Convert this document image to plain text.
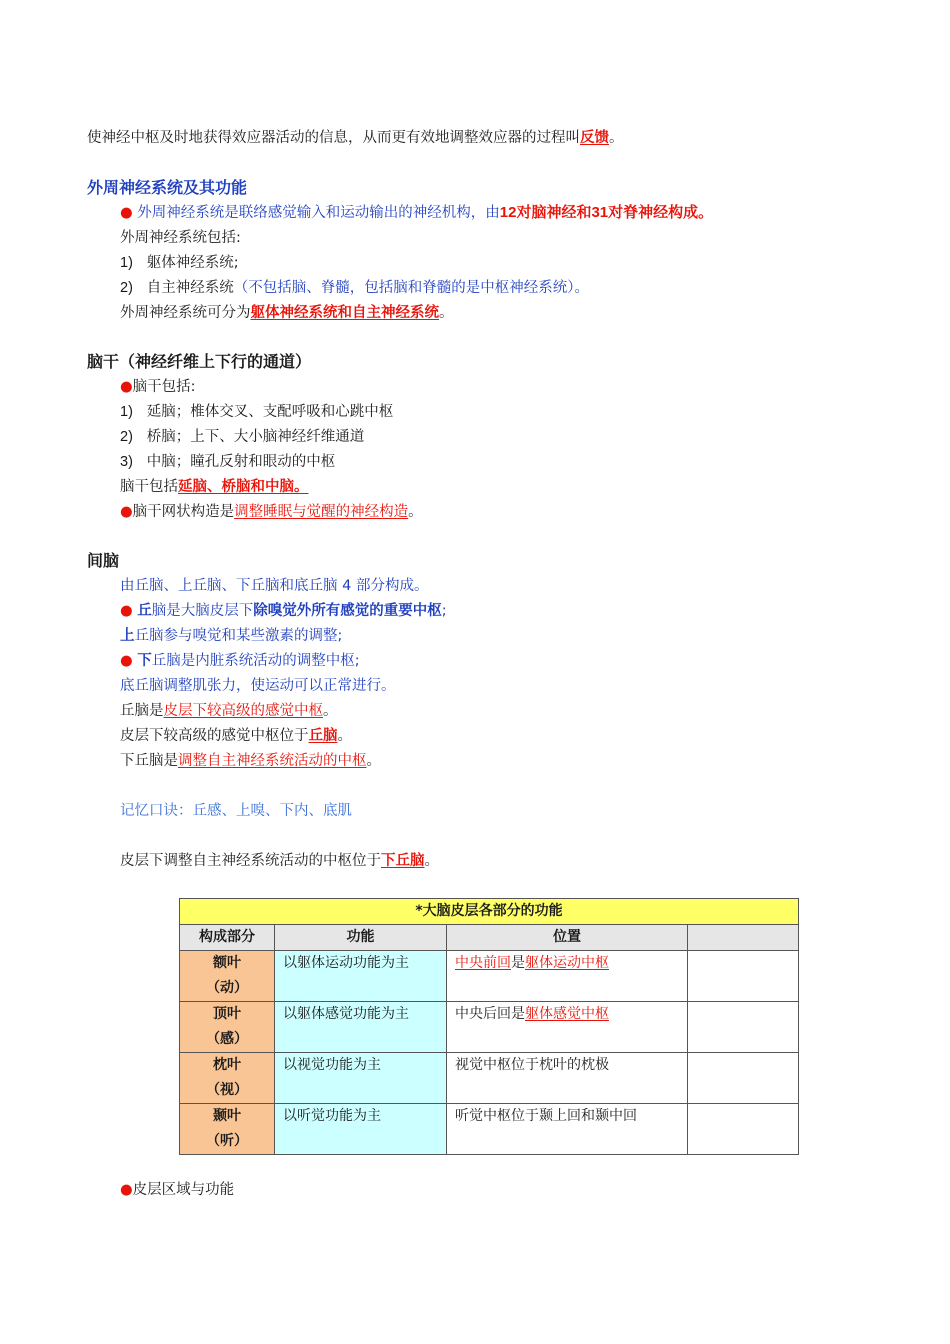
使神经中枢及时地获得效应器活动的信息，从而更有效地调整效应器的过程叫反馈。
外周神经系统及其功能
● 外周神经系统是联络感觉输入和运动输出的神经机构，由12对脑神经和31对脊神经构成。
外周神经系统包括:
1) 躯体神经系统;
2) 自主神经系统（不包括脑、脊髓，包括脑和脊髓的是中枢神经系统）。
外周神经系统可分为躯体神经系统和自主神经系统。
脑干（神经纤维上下行的通道）
●脑干包括:
1) 延脑；椎体交叉、支配呼吸和心跳中枢
2) 桥脑；上下、大小脑神经纤维通道
3) 中脑；瞳孔反射和眼动的中枢
脑干包括延脑、桥脑和中脑。
●脑干网状构造是调整睡眠与觉醒的神经构造。
间脑
由丘脑、上丘脑、下丘脑和底丘脑 4 部分构成。
● 丘脑是大脑皮层下除嗅觉外所有感觉的重要中枢;
上丘脑参与嗅觉和某些激素的调整;
● 下丘脑是内脏系统活动的调整中枢;
底丘脑调整肌张力，使运动可以正常进行。
丘脑是皮层下较高级的感觉中枢。
皮层下较高级的感觉中枢位于丘脑。
下丘脑是调整自主神经系统活动的中枢。
记忆口诀：丘感、上嗅、下内、底肌
皮层下调整自主神经系统活动的中枢位于下丘脑。
*大脑皮层各部分的功能			
构成部分	功能	位置	

额叶
（动）	以躯体运动功能为主	中央前回是躯体运动中枢	

顶叶
（感）	以躯体感觉功能为主	中央后回是躯体感觉中枢	

枕叶
（视）	以视觉功能为主	视觉中枢位于枕叶的枕极	

颞叶
（听）	以听觉功能为主	听觉中枢位于颞上回和颞中回	
●皮层区域与功能
